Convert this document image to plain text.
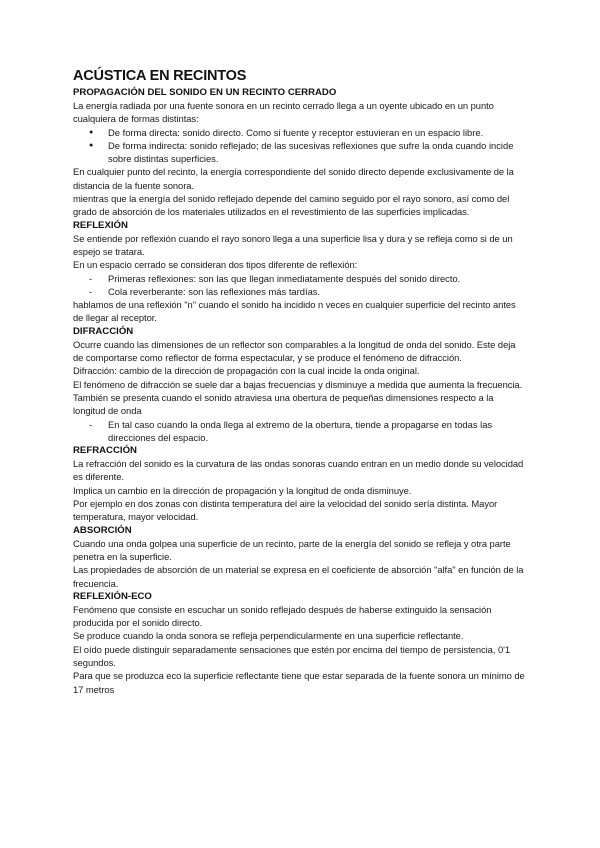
ACÚSTICA EN RECINTOS
PROPAGACIÓN DEL SONIDO EN UN RECINTO CERRADO

La energía radiada por una fuente sonora en un recinto cerrado llega a un oyente ubicado en un punto cualquiera de formas distintas:

● De forma directa: sonido directo. Como si fuente y receptor estuvieran en un espacio libre.
● De forma indirecta: sonido reflejado; de las sucesivas reflexiones que sufre la onda cuando incide sobre distintas superficies.

En cualquier punto del recinto, la energía correspondiente del sonido directo depende exclusivamente de la distancia de la fuente sonora.

mientras que la energía del sonido reflejado depende del camino seguido por el rayo sonoro, así como del grado de absorción de los materiales utilizados en el revestimiento de las superficies implicadas.

REFLEXIÓN

Se entiende por reflexión cuando el rayo sonoro llega a una superficie lisa y dura y se refleja como si de un espejo se tratara.

En un espacio cerrado se consideran dos tipos diferente de reflexión:

- Primeras reflexiones: son las que llegan inmediatamente después del sonido directo.
- Cola reverberante: son las reflexiones más tardías.

hablamos de una reflexión "n" cuando el sonido ha incidido n veces en cualquier superficie del recinto antes de llegar al receptor.

DIFRACCIÓN

Ocurre cuando las dimensiones de un reflector son comparables a la longitud de onda del sonido. Este deja de comportarse como reflector de forma espectacular, y se produce el fenómeno de difracción.

Difracción: cambio de la dirección de propagación con la cual incide la onda original.

El fenómeno de difracción se suele dar a bajas frecuencias y disminuye a medida que aumenta la frecuencia.

También se presenta cuando el sonido atraviesa una obertura de pequeñas dimensiones respecto a la longitud de onda

- En tal caso cuando la onda llega al extremo de la obertura, tiende a propagarse en todas las direcciones del espacio.
REFRACCIÓN

La refracción del sonido es la curvatura de las ondas sonoras cuando entran en un medio donde su velocidad es diferente.

Implica un cambio en la dirección de propagación y la longitud de onda disminuye.

Por ejemplo en dos zonas con distinta temperatura del aire la velocidad del sonido sería distinta. Mayor temperatura, mayor velocidad.

ABSORCIÓN

Cuando una onda golpea una superficie de un recinto, parte de la energía del sonido se refleja y otra parte penetra en la superficie.

Las propiedades de absorción de un material se expresa en el coeficiente de absorción "alfa" en función de la frecuencia.

REFLEXIÓN-ECO

Fenómeno que consiste en escuchar un sonido reflejado después de haberse extinguido la sensación producida por el sonido directo.

Se produce cuando la onda sonora se refleja perpendicularmente en una superficie reflectante.

El oído puede distinguir separadamente sensaciones que estén por encima del tiempo de persistencia, 0'1 segundos.

Para que se produzca eco la superficie reflectante tiene que estar separada de la fuente sonora un mínimo de 17 metros
